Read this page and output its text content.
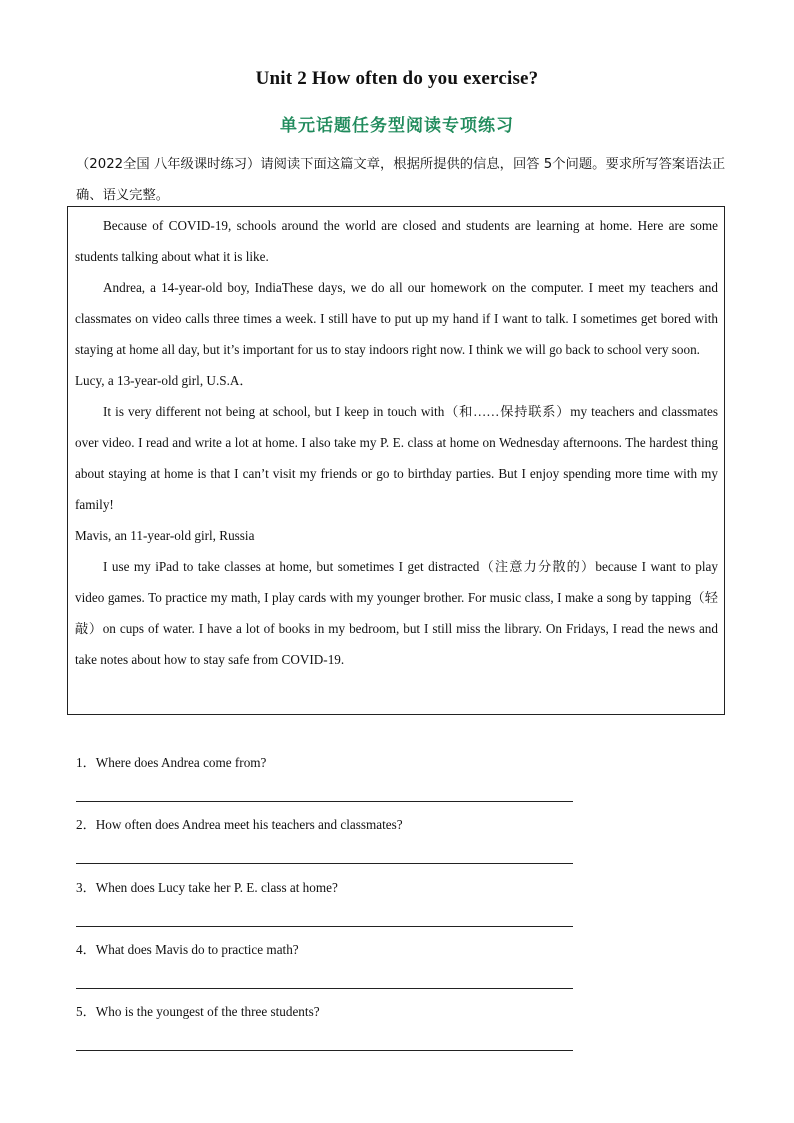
Unit 2 How often do you exercise?
单元话题任务型阅读专项练习
（2022全国 八年级课时练习）请阅读下面这篇文章，根据所提供的信息，回答 5个问题。要求所写答案语法正确、语义完整。

Because of COVID-19, schools around the world are closed and students are learning at home. Here are some students talking about what it is like.

Andrea, a 14-year-old boy, IndiaThese days, we do all our homework on the computer. I meet my teachers and classmates on video calls three times a week. I still have to put up my hand if I want to talk. I sometimes get bored with staying at home all day, but it’s important for us to stay indoors right now. I think we will go back to school very soon.

Lucy, a 13-year-old girl, U.S.A．

It is very different not being at school, but I keep in touch with（和……保持联系）my teachers and classmates over video. I read and write a lot at home. I also take my P. E. class at home on Wednesday afternoons. The hardest thing about staying at home is that I can’t visit my friends or go to birthday parties. But I enjoy spending more time with my family!

Mavis, an 11-year-old girl, Russia

I use my iPad to take classes at home, but sometimes I get distracted（注意力分散的）because I want to play video games. To practice my math, I play cards with my younger brother. For music class, I make a song by tapping（轻敲）on cups of water. I have a lot of books in my bedroom, but I still miss the library. On Fridays, I read the news and take notes about how to stay safe from COVID-19.

1．Where does Andrea come from?
2．How often does Andrea meet his teachers and classmates?
3．When does Lucy take her P. E. class at home?
4．What does Mavis do to practice math?
5．Who is the youngest of the three students?
